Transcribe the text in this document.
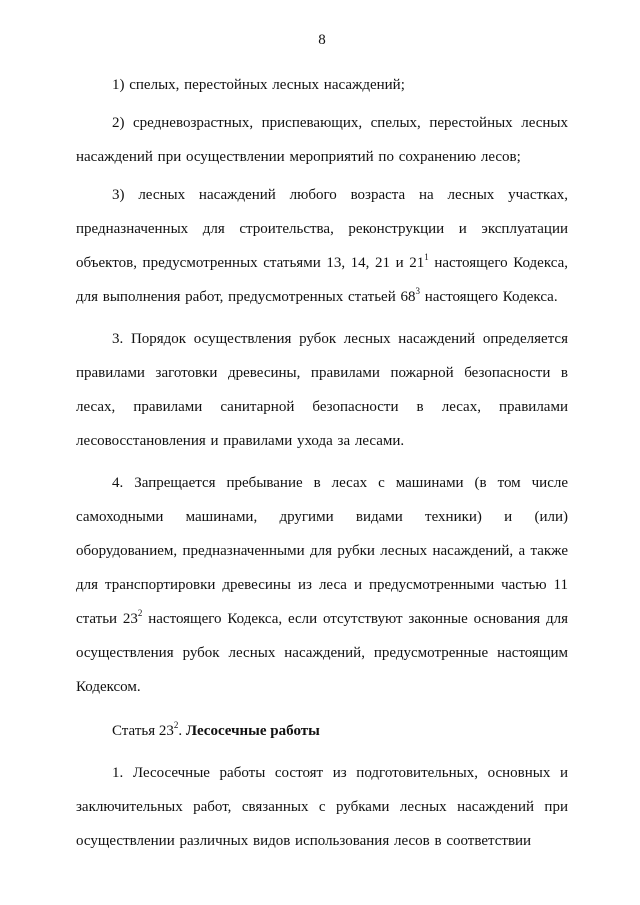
8

1) спелых, перестойных лесных насаждений;

2) средневозрастных, приспевающих, спелых, перестойных лесных насаждений при осуществлении мероприятий по сохранению лесов;

3) лесных насаждений любого возраста на лесных участках, предназначенных для строительства, реконструкции и эксплуатации объектов, предусмотренных статьями 13, 14, 21 и $21^1$ настоящего Кодекса, для выполнения работ, предусмотренных статьей $68^3$ настоящего Кодекса.

3. Порядок осуществления рубок лесных насаждений определяется правилами заготовки древесины, правилами пожарной безопасности в лесах, правилами санитарной безопасности в лесах, правилами лесовосстановления и правилами ухода за лесами.

4. Запрещается пребывание в лесах с машинами (в том числе самоходными машинами, другими видами техники) и (или) оборудованием, предназначенными для рубки лесных насаждений, а также для транспортировки древесины из леса и предусмотренными частью 11 статьи $23^2$ настоящего Кодекса, если отсутствуют законные основания для осуществления рубок лесных насаждений, предусмотренные настоящим Кодексом.

Статья $23^2$. Лесосечные работы

1. Лесосечные работы состоят из подготовительных, основных и заключительных работ, связанных с рубками лесных насаждений при осуществлении различных видов использования лесов в соответствии
